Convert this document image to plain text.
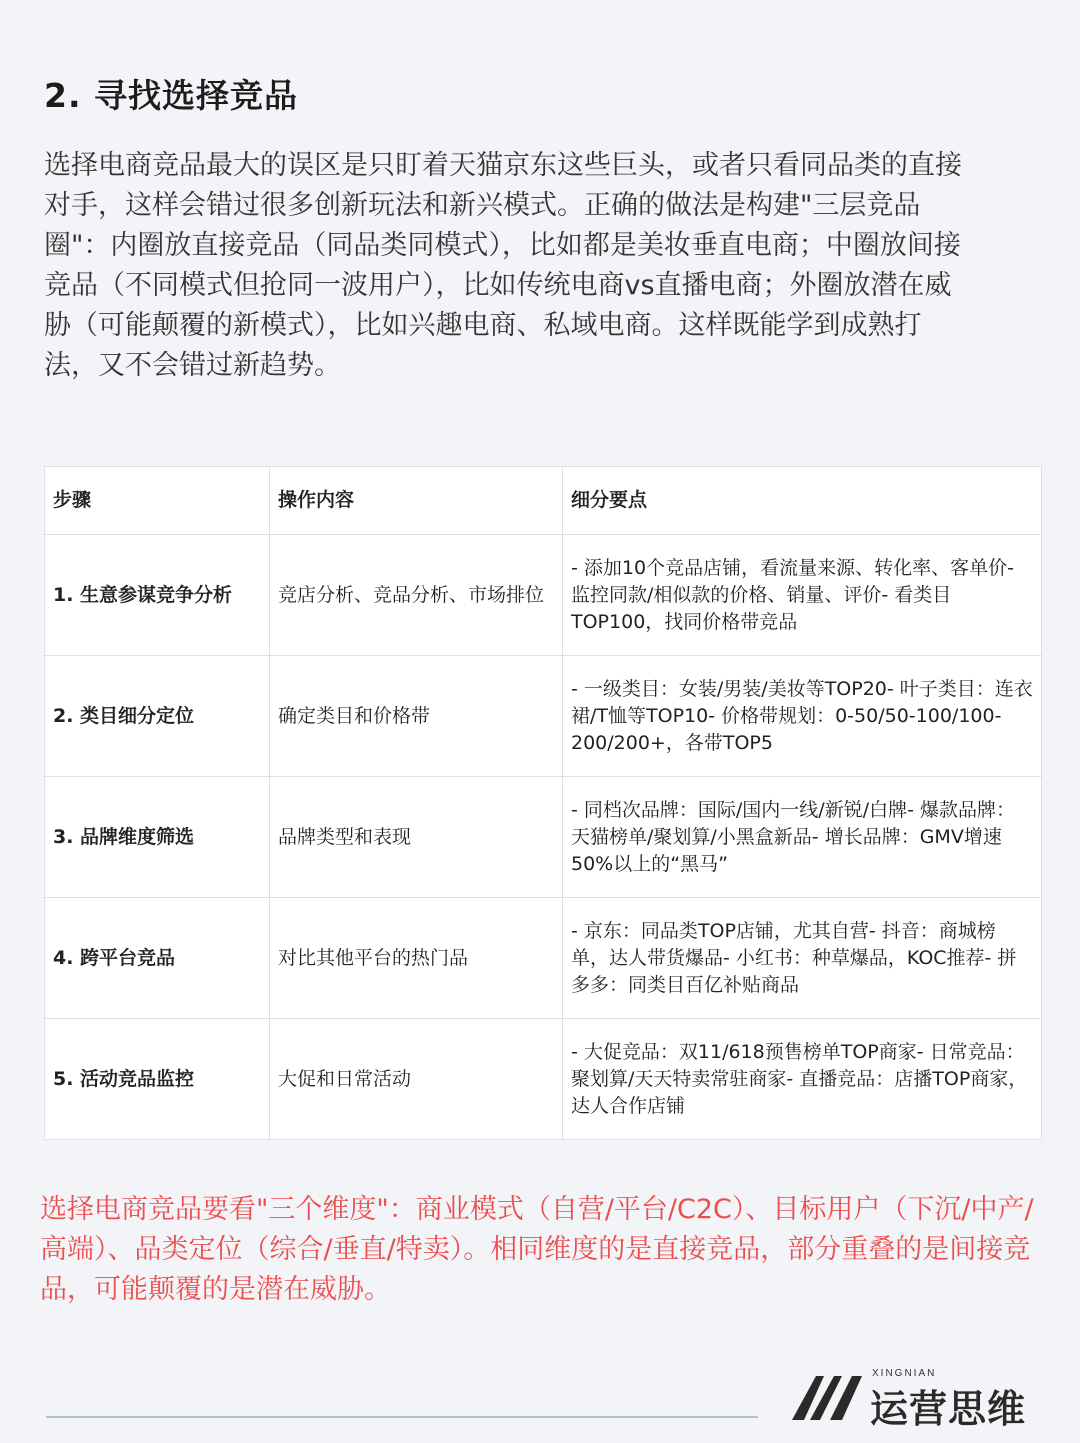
2. 寻找选择竞品

选择电商竞品最大的误区是只盯着天猫京东这些巨头，或者只看同品类的直接对手，这样会错过很多创新玩法和新兴模式。正确的做法是构建"三层竞品圈"：内圈放直接竞品（同品类同模式），比如都是美妆垂直电商；中圈放间接竞品（不同模式但抢同一波用户），比如传统电商vs直播电商；外圈放潜在威胁（可能颠覆的新模式），比如兴趣电商、私域电商。这样既能学到成熟打法，又不会错过新趋势。

步骤	操作内容	细分要点
1. 生意参谋竞争分析	竞店分析、竞品分析、市场排位	- 添加10个竞品店铺，看流量来源、转化率、客单价- 监控同款/相似款的价格、销量、评价- 看类目TOP100，找同价格带竞品
2. 类目细分定位	确定类目和价格带	- 一级类目：女装/男装/美妆等TOP20- 叶子类目：连衣裙/T恤等TOP10- 价格带规划：0-50/50-100/100-200/200+，各带TOP5
3. 品牌维度筛选	品牌类型和表现	- 同档次品牌：国际/国内一线/新锐/白牌- 爆款品牌：天猫榜单/聚划算/小黑盒新品- 增长品牌：GMV增速50%以上的“黑马”
4. 跨平台竞品	对比其他平台的热门品	- 京东：同品类TOP店铺，尤其自营- 抖音：商城榜单，达人带货爆品- 小红书：种草爆品，KOC推荐- 拼多多：同类目百亿补贴商品
5. 活动竞品监控	大促和日常活动	- 大促竞品：双11/618预售榜单TOP商家- 日常竞品：聚划算/天天特卖常驻商家- 直播竞品：店播TOP商家，达人合作店铺

选择电商竞品要看"三个维度"：商业模式（自营/平台/C2C）、目标用户（下沉/中产/高端）、品类定位（综合/垂直/特卖）。相同维度的是直接竞品，部分重叠的是间接竞品，可能颠覆的是潜在威胁。

XINGNIAN
运营思维
